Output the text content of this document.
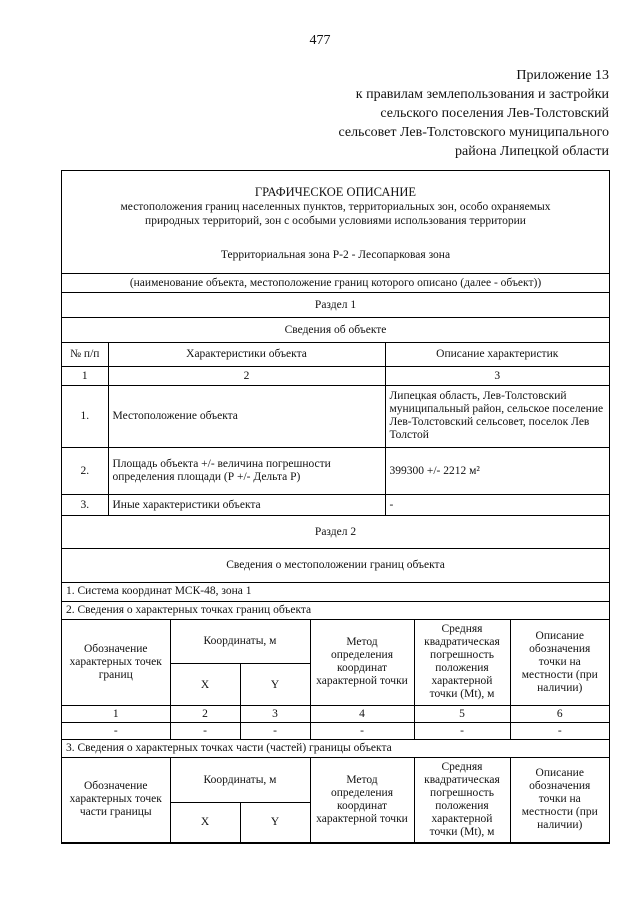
477
Приложение 13
к правилам землепользования и застройки
сельского поселения Лев-Толстовский
сельсовет Лев-Толстовского муниципального
района Липецкой области
ГРАФИЧЕСКОЕ ОПИСАНИЕ
местоположения границ населенных пунктов, территориальных зон, особо охраняемых
природных территорий, зон с особыми условиями использования территории
Территориальная зона Р-2 - Лесопарковая зона
(наименование объекта, местоположение границ которого описано (далее - объект))
Раздел 1
Сведения об объекте
№ п/п	Характеристики объекта	Описание характеристик
1	2	3
1.	Местоположение объекта	Липецкая область, Лев-Толстовский муниципальный район, сельское поселение Лев-Толстовский сельсовет, поселок Лев Толстой
2.	Площадь объекта +/- величина погрешности определения площади (Р +/- Дельта Р)	399300 +/- 2212 м²
3.	Иные характеристики объекта	-
Раздел 2
Сведения о местоположении границ объекта
1. Система координат МСК-48, зона 1
2. Сведения о характерных точках границ объекта
Обозначение характерных точек границ	Координаты, м		Метод определения координат характерной точки	Средняя квадратическая погрешность положения характерной точки (Mt), м	Описание обозначения точки на местности (при наличии)
	X	Y			
1	2	3	4	5	6
-	-	-	-	-	-
3. Сведения о характерных точках части (частей) границы объекта
Обозначение характерных точек части границы	Координаты, м		Метод определения координат характерной точки	Средняя квадратическая погрешность положения характерной точки (Mt), м	Описание обозначения точки на местности (при наличии)
	X	Y			
